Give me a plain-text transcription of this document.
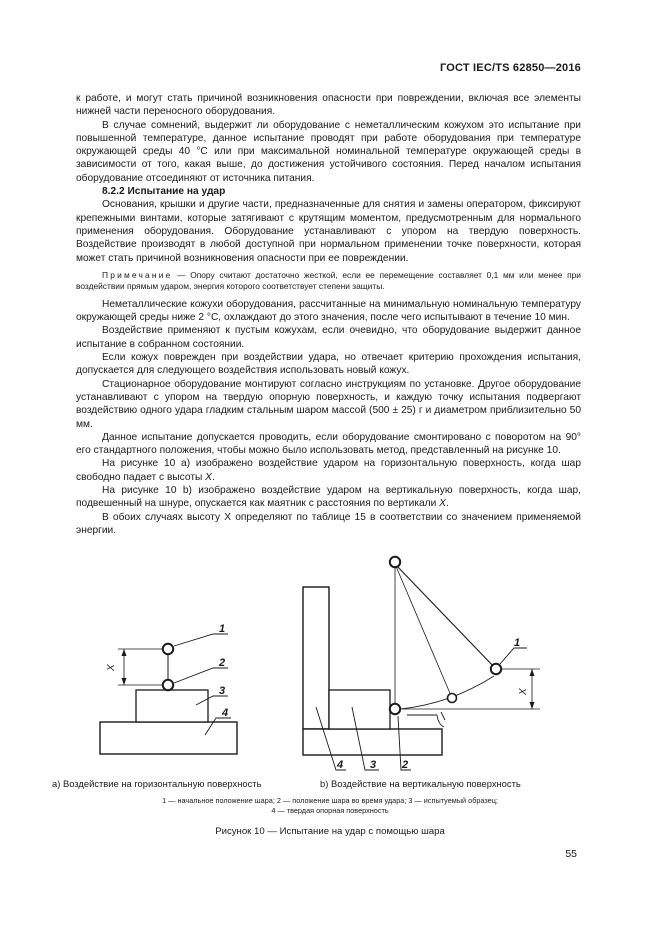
ГОСТ IEC/TS 62850—2016

к работе, и могут стать причиной возникновения опасности при повреждении, включая все элементы нижней части переносного оборудования.

В случае сомнений, выдержит ли оборудование с неметаллическим кожухом это испытание при повышенной температуре, данное испытание проводят при работе оборудования при температуре окружающей среды 40 °С или при максимальной номинальной температуре окружающей среды в зависимости от того, какая выше, до достижения устойчивого состояния. Перед началом испытания оборудование отсоединяют от источника питания.

8.2.2 Испытание на удар

Основания, крышки и другие части, предназначенные для снятия и замены оператором, фиксируют крепежными винтами, которые затягивают с крутящим моментом, предусмотренным для нормального применения оборудования. Оборудование устанавливают с упором на твердую поверхность. Воздействие производят в любой доступной при нормальном применении точке поверхности, которая может стать причиной возникновения опасности при ее повреждении.

Примечание — Опору считают достаточно жесткой, если ее перемещение составляет 0,1 мм или менее при воздействии прямым ударом, энергия которого соответствует степени защиты.

Неметаллические кожухи оборудования, рассчитанные на минимальную номинальную температуру окружающей среды ниже 2 °С, охлаждают до этого значения, после чего испытывают в течение 10 мин.

Воздействие применяют к пустым кожухам, если очевидно, что оборудование выдержит данное испытание в собранном состоянии.

Если кожух поврежден при воздействии удара, но отвечает критерию прохождения испытания, допускается для следующего воздействия использовать новый кожух.

Стационарное оборудование монтируют согласно инструкциям по установке. Другое оборудование устанавливают с упором на твердую опорную поверхность, и каждую точку испытания подвергают воздействию одного удара гладким стальным шаром массой (500 ± 25) г и диаметром приблизительно 50 мм.

Данное испытание допускается проводить, если оборудование смонтировано с поворотом на 90° его стандартного положения, чтобы можно было использовать метод, представленный на рисунке 10.

На рисунке 10 а) изображено воздействие ударом на горизонтальную поверхность, когда шар свободно падает с высоты X.

На рисунке 10 b) изображено воздействие ударом на вертикальную поверхность, когда шар, подвешенный на шнуре, опускается как маятник с расстояния по вертикали X.

В обоих случаях высоту X определяют по таблице 15 в соответствии со значением применяемой энергии.

1
2
3
4
X
1
4 3 2
X
a) Воздействие на горизонтальную поверхность	b) Воздействие на вертикальную поверхность
1 — начальное положение шара; 2 — положение шара во время удара; 3 — испытуемый образец;
4 — твердая опорная поверхность
Рисунок 10 — Испытание на удар с помощью шара
55
